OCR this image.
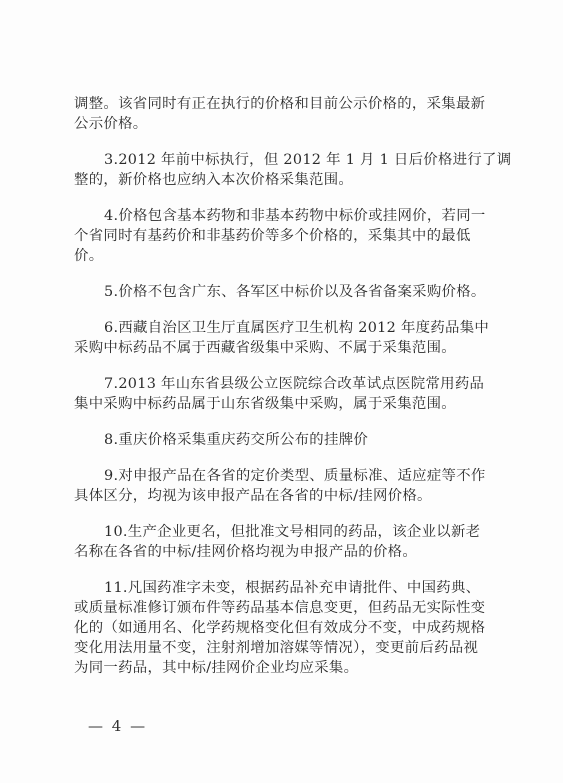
调整。该省同时有正在执行的价格和目前公示价格的，采集最新

公示价格。

3.2012 年前中标执行，但 2012 年 1 月 1 日后价格进行了调

整的，新价格也应纳入本次价格采集范围。

4.价格包含基本药物和非基本药物中标价或挂网价，若同一

个省同时有基药价和非基药价等多个价格的，采集其中的最低

价。

5.价格不包含广东、各军区中标价以及各省备案采购价格。

6.西藏自治区卫生厅直属医疗卫生机构 2012 年度药品集中

采购中标药品不属于西藏省级集中采购、不属于采集范围。

7.2013 年山东省县级公立医院综合改革试点医院常用药品

集中采购中标药品属于山东省级集中采购，属于采集范围。

8.重庆价格采集重庆药交所公布的挂牌价

9.对申报产品在各省的定价类型、质量标准、适应症等不作

具体区分，均视为该申报产品在各省的中标/挂网价格。

10.生产企业更名，但批准文号相同的药品，该企业以新老

名称在各省的中标/挂网价格均视为申报产品的价格。

11.凡国药准字未变，根据药品补充申请批件、中国药典、

或质量标准修订颁布件等药品基本信息变更，但药品无实际性变

化的（如通用名、化学药规格变化但有效成分不变，中成药规格

变化用法用量不变，注射剂增加溶媒等情况），变更前后药品视

为同一药品，其中标/挂网价企业均应采集。

— 4 —
